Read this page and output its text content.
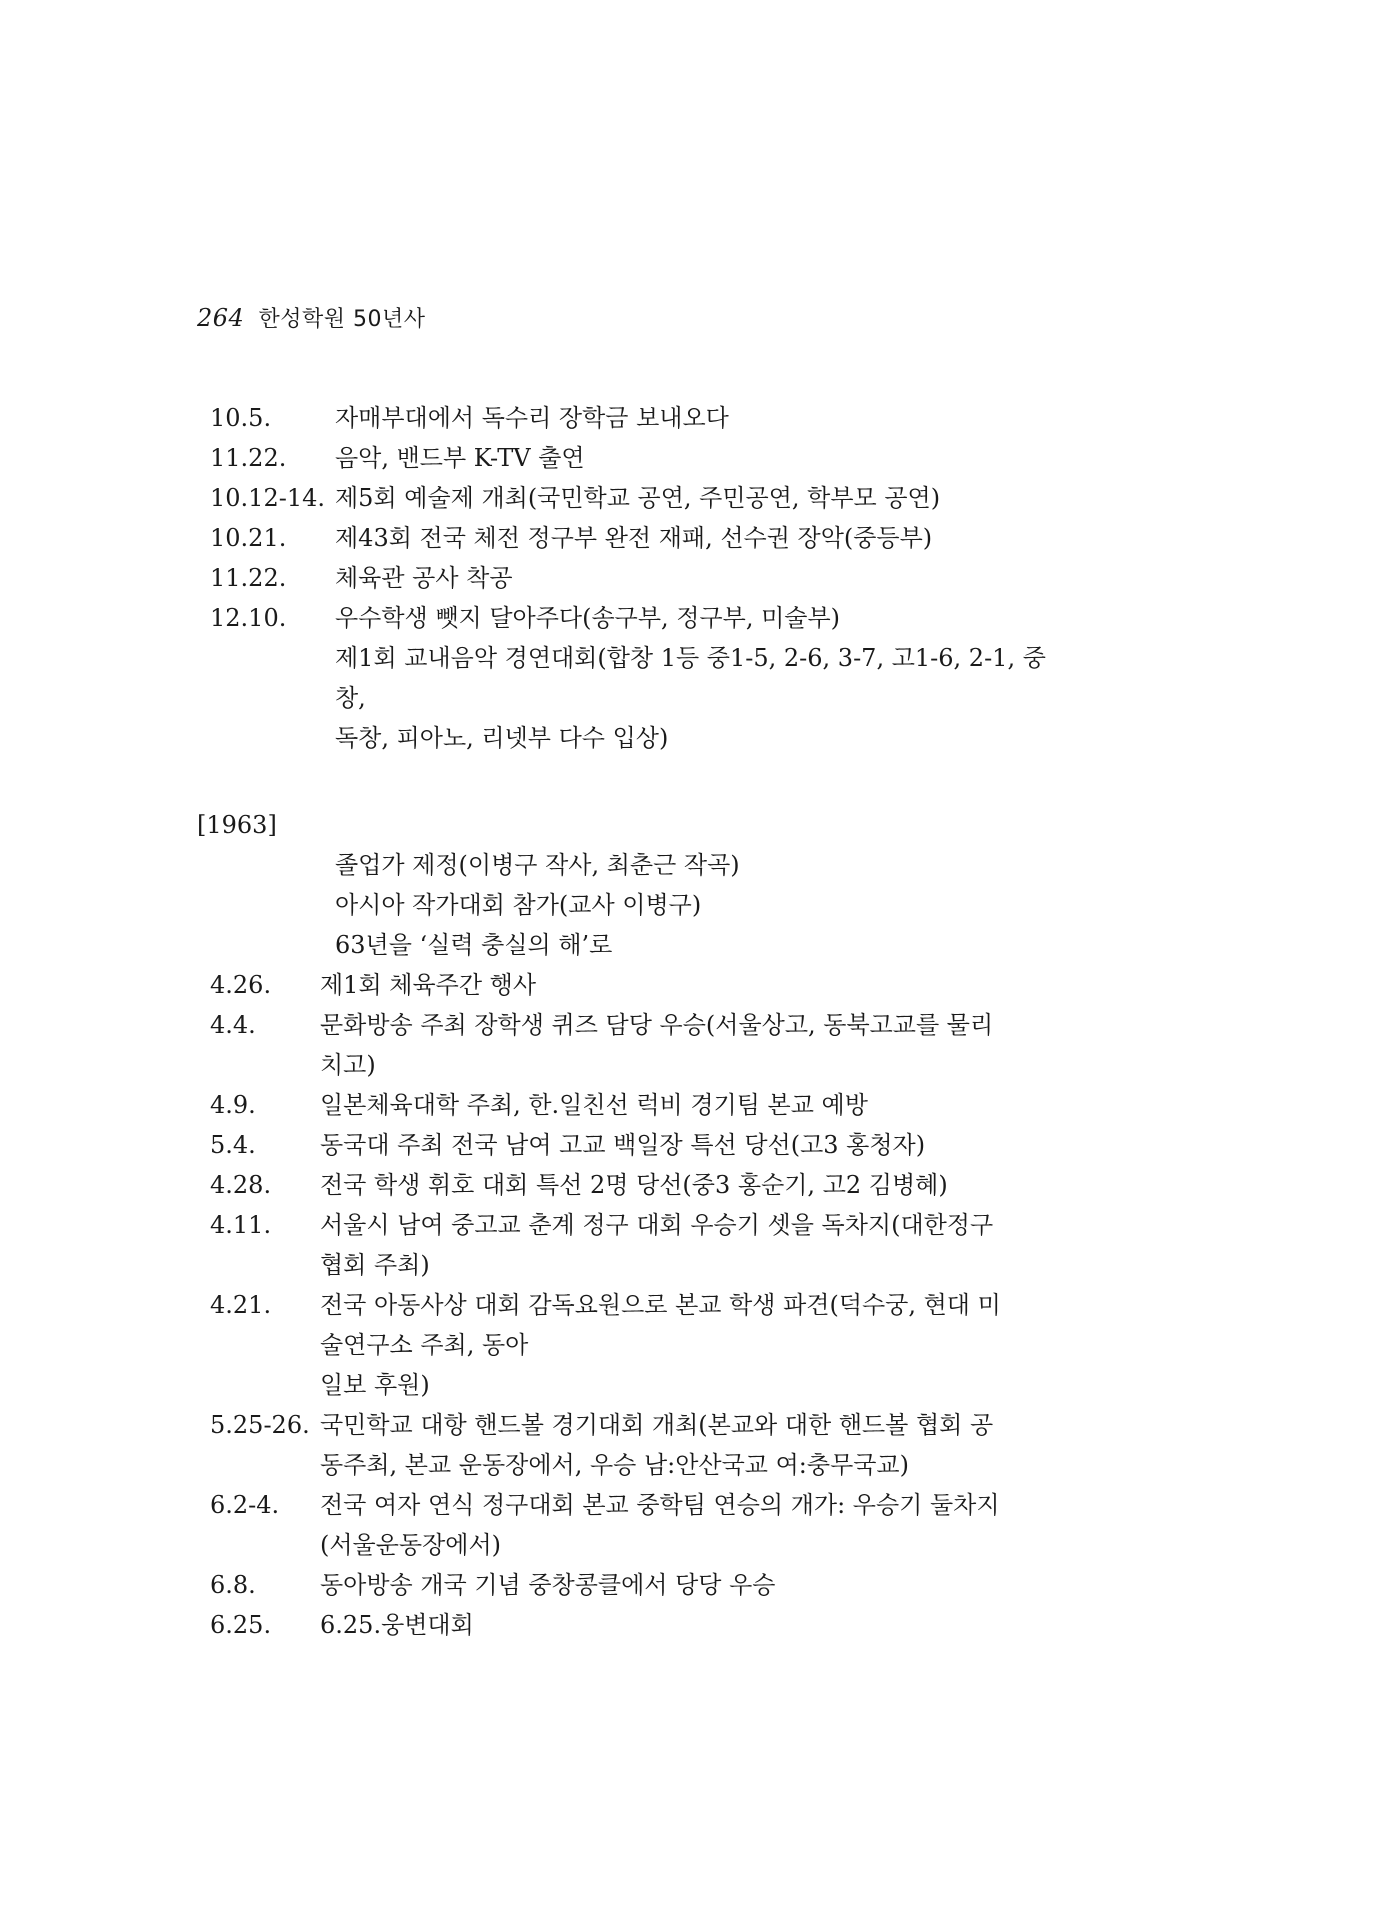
264 한성학원 50년사
10.5.	자매부대에서 독수리 장학금 보내오다
11.22. 음악, 밴드부 K-TV 출연
10.12-14. 제5회 예술제 개최(국민학교 공연, 주민공연, 학부모 공연)
10.21. 제43회 전국 체전 정구부 완전 재패, 선수권 장악(중등부)
11.22. 체육관 공사 착공
12.10. 우수학생 뺏지 달아주다(송구부, 정구부, 미술부)
제1회 교내음악 경연대회(합창 1등 중1-5, 2-6, 3-7, 고1-6, 2-1, 중
창,
독창, 피아노, 리넷부 다수 입상)
[1963]
졸업가 제정(이병구 작사, 최춘근 작곡)
아시아 작가대회 참가(교사 이병구)
63년을 ‘실력 충실의 해’로
4.26. 제1회 체육주간 행사
4.4.	문화방송 주최 장학생 퀴즈 담당 우승(서울상고, 동북고교를 물리
치고)
4.9.	일본체육대학 주최, 한.일친선 럭비 경기팀 본교 예방
5.4.	동국대 주최 전국 남여 고교 백일장 특선 당선(고3 홍청자)
4.28. 전국 학생 휘호 대회 특선 2명 당선(중3 홍순기, 고2 김병혜)
4.11. 서울시 남여 중고교 춘계 정구 대회 우승기 셋을 독차지(대한정구
협회 주최)
4.21. 전국 아동사상 대회 감독요원으로 본교 학생 파견(덕수궁, 현대 미
술연구소 주최, 동아
일보 후원)
5.25-26. 국민학교 대항 핸드볼 경기대회 개최(본교와 대한 핸드볼 협회 공
동주최, 본교 운동장에서, 우승 남:안산국교 여:충무국교)
6.2-4. 전국 여자 연식 정구대회 본교 중학팀 연승의 개가: 우승기 둘차지
(서울운동장에서)
6.8.	동아방송 개국 기념 중창콩클에서 당당 우승
6.25. 6.25.웅변대회
